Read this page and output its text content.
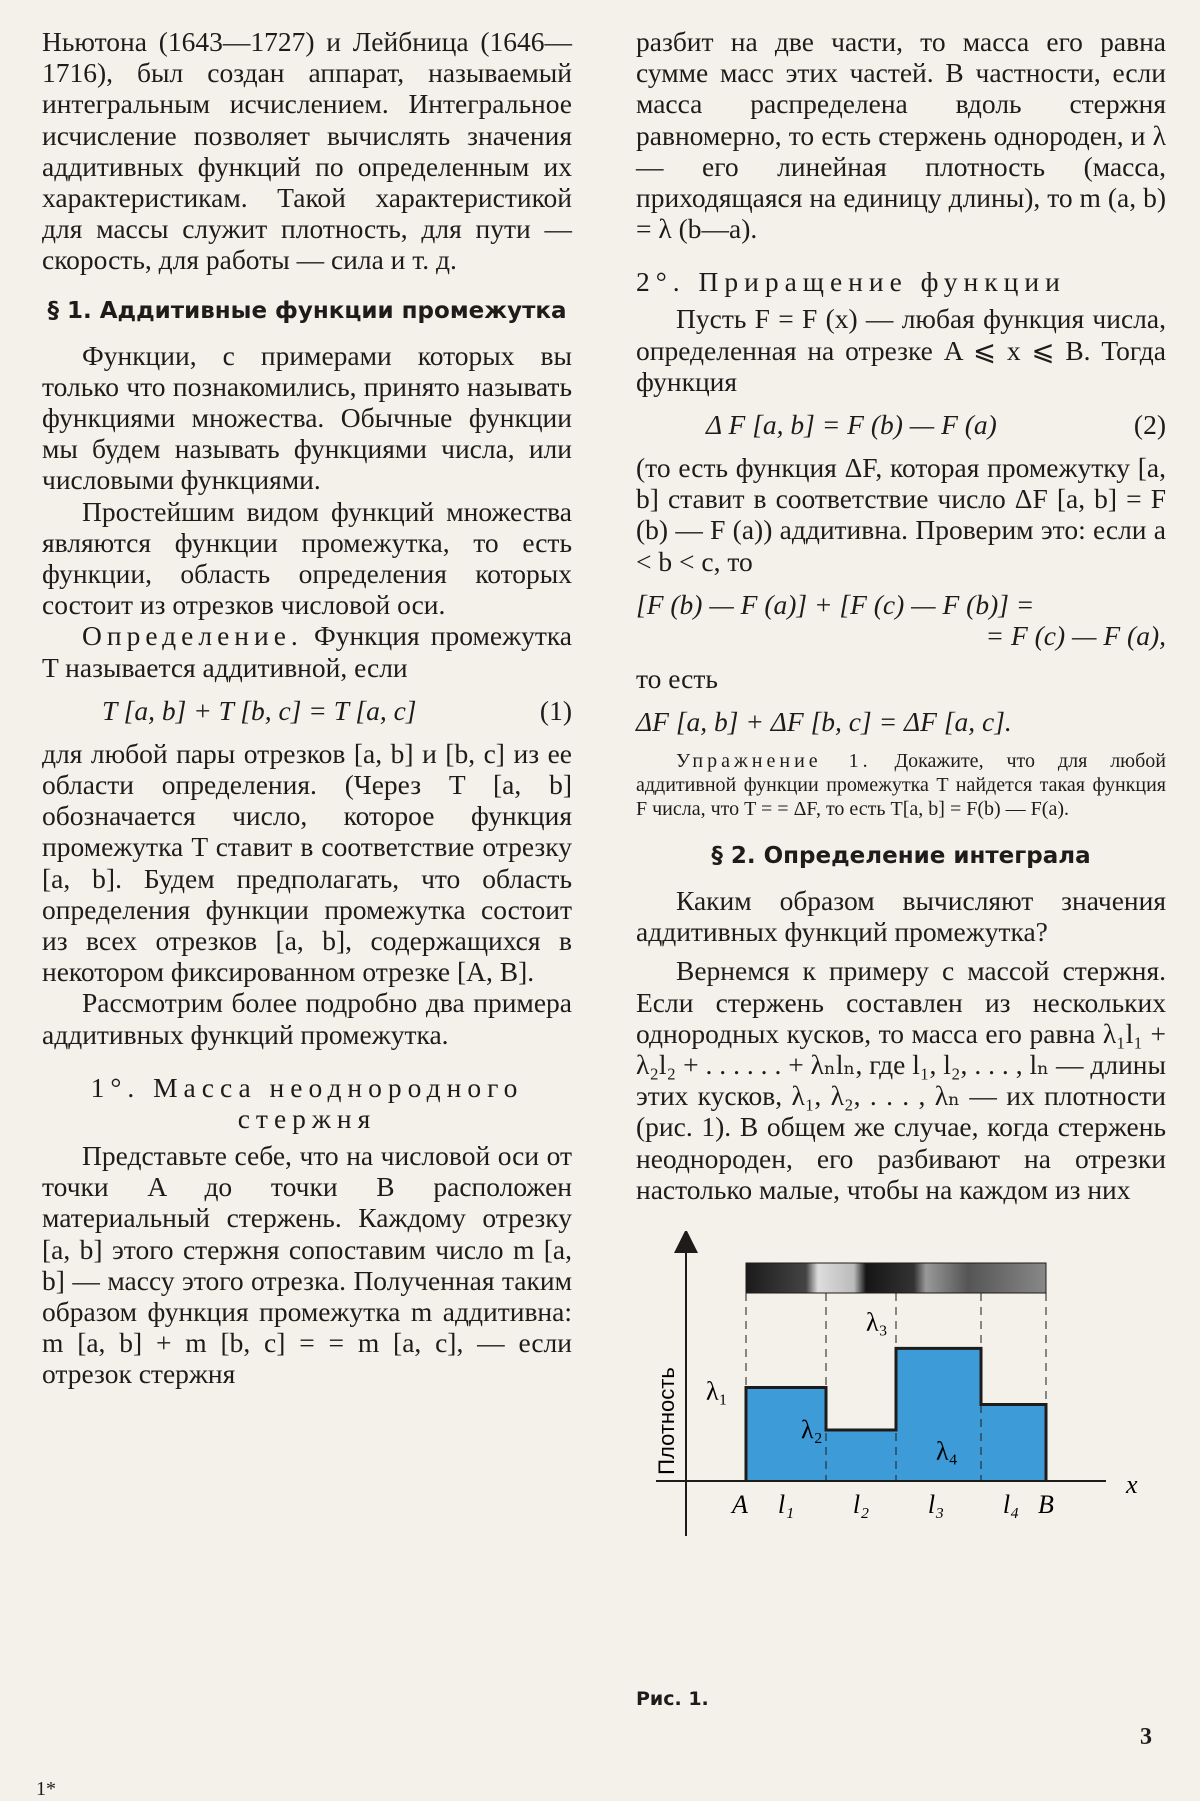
Ньютона (1643—1727) и Лейбница (1646—1716), был создан аппарат, называемый интегральным исчислением. Интегральное исчисление позволяет вычислять значения аддитивных функций по определенным их характеристикам. Такой характеристикой для массы служит плотность, для пути — скорость, для работы — сила и т. д.

§ 1. Аддитивные функции промежутка

Функции, с примерами которых вы только что познакомились, принято называть функциями множества. Обычные функции мы будем называть функциями числа, или числовыми функциями.

Простейшим видом функций множества являются функции промежутка, то есть функции, область определения которых состоит из отрезков числовой оси.

Определение. Функция промежутка T называется аддитивной, если

T [a, b] + T [b, c] = T [a, c]	(1)

для любой пары отрезков [a, b] и [b, c] из ее области определения. (Через T [a, b] обозначается число, которое функция промежутка T ставит в соответствие отрезку [a, b]. Будем предполагать, что область определения функции промежутка состоит из всех отрезков [a, b], содержащихся в некотором фиксированном отрезке [A, B].

Рассмотрим более подробно два примера аддитивных функций промежутка.

1°. Масса неоднородного стержня

Представьте себе, что на числовой оси от точки A до точки B расположен материальный стержень. Каждому отрезку [a, b] этого стержня сопоставим число m [a, b] — массу этого отрезка. Полученная таким образом функция промежутка m аддитивна: m [a, b] + m [b, c] = = m [a, c], — если отрезок стержня

разбит на две части, то масса его равна сумме масс этих частей. В частности, если масса распределена вдоль стержня равномерно, то есть стержень однороден, и λ — его линейная плотность (масса, приходящаяся на единицу длины), то m (a, b) = λ (b—a).

2°. Приращение функции

Пусть F = F (x) — любая функция числа, определенная на отрезке A ⩽ x ⩽ B. Тогда функция

Δ F [a, b] = F (b) — F (a)	(2)

(то есть функция ΔF, которая промежутку [a, b] ставит в соответствие число ΔF [a, b] = F (b) — F (a)) аддитивна. Проверим это: если a < b < c, то

[F (b) — F (a)] + [F (c) — F (b)] =
= F (c) — F (a),

то есть

ΔF [a, b] + ΔF [b, c] = ΔF [a, c].

Упражнение 1. Докажите, что для любой аддитивной функции промежутка T найдется такая функция F числа, что T = = ΔF, то есть T[a, b] = F(b) — F(a).

§ 2. Определение интеграла

Каким образом вычисляют значения аддитивных функций промежутка?

Вернемся к примеру с массой стержня. Если стержень составлен из нескольких однородных кусков, то масса его равна λ₁l₁ + λ₂l₂ + . . . . . . + λₙlₙ, где l₁, l₂, . . . , lₙ — длины этих кусков, λ₁, λ₂, . . . , λₙ — их плотности (рис. 1). В общем же случае, когда стержень неоднороден, его разбивают на отрезки настолько малые, чтобы на каждом из них

Плотность
x
A l₁ l₂ l₃ l₄ B
λ₁
λ₂
λ₃
λ₄
Рис. 1.
3
1*
